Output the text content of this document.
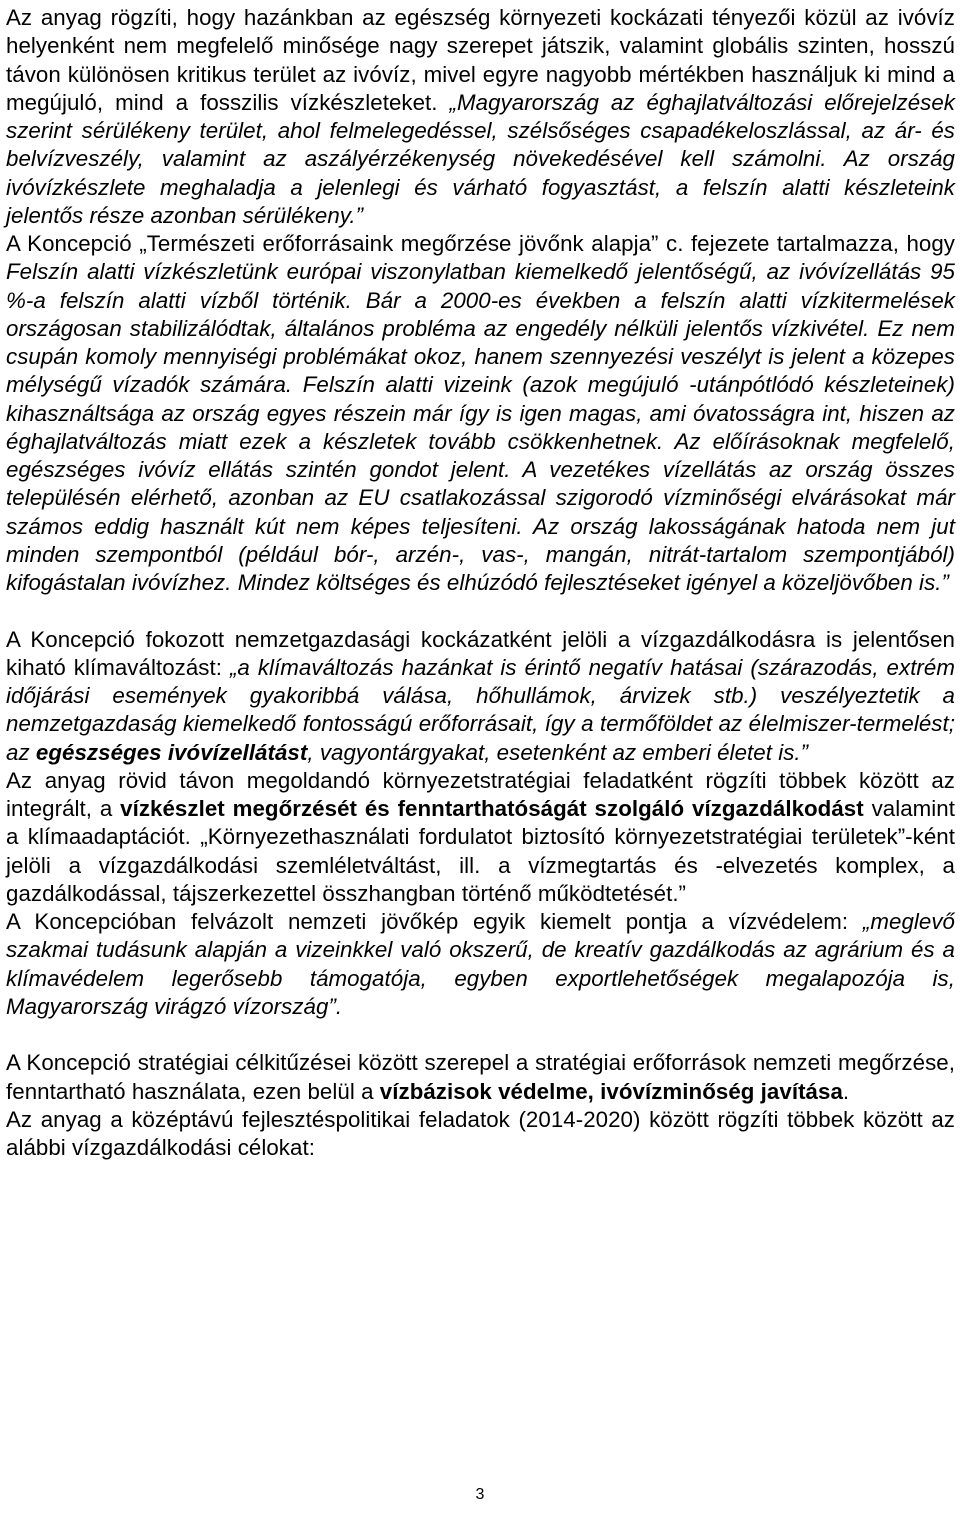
Az anyag rögzíti, hogy hazánkban az egészség környezeti kockázati tényezői közül az ivóvíz helyenként nem megfelelő minősége nagy szerepet játszik, valamint globális szinten, hosszú távon különösen kritikus terület az ivóvíz, mivel egyre nagyobb mértékben használjuk ki mind a megújuló, mind a fosszilis vízkészleteket. „Magyarország az éghajlatváltozási előrejelzések szerint sérülékeny terület, ahol felmelegedéssel, szélsőséges csapadékeloszlással, az ár- és belvízveszély, valamint az aszályérzékenység növekedésével kell számolni. Az ország ivóvízkészlete meghaladja a jelenlegi és várható fogyasztást, a felszín alatti készleteink jelentős része azonban sérülékeny.”

A Koncepció „Természeti erőforrásaink megőrzése jövőnk alapja” c. fejezete tartalmazza, hogy Felszín alatti vízkészletünk európai viszonylatban kiemelkedő jelentőségű, az ivóvízellátás 95 %-a felszín alatti vízből történik. Bár a 2000-es években a felszín alatti vízkitermelések országosan stabilizálódtak, általános probléma az engedély nélküli jelentős vízkivétel. Ez nem csupán komoly mennyiségi problémákat okoz, hanem szennyezési veszélyt is jelent a közepes mélységű vízadók számára. Felszín alatti vizeink (azok megújuló -utánpótlódó készleteinek) kihasználtsága az ország egyes részein már így is igen magas, ami óvatosságra int, hiszen az éghajlatváltozás miatt ezek a készletek tovább csökkenhetnek. Az előírásoknak megfelelő, egészséges ivóvíz ellátás szintén gondot jelent. A vezetékes vízellátás az ország összes településén elérhető, azonban az EU csatlakozással szigorodó vízminőségi elvárásokat már számos eddig használt kút nem képes teljesíteni. Az ország lakosságának hatoda nem jut minden szempontból (például bór-, arzén-, vas-, mangán, nitrát-tartalom szempontjából) kifogástalan ivóvízhez. Mindez költséges és elhúzódó fejlesztéseket igényel a közeljövőben is.”

A Koncepció fokozott nemzetgazdasági kockázatként jelöli a vízgazdálkodásra is jelentősen kiható klímaváltozást: „a klímaváltozás hazánkat is érintő negatív hatásai (szárazodás, extrém időjárási események gyakoribbá válása, hőhullámok, árvizek stb.) veszélyeztetik a nemzetgazdaság kiemelkedő fontosságú erőforrásait, így a termőföldet az élelmiszer-termelést; az egészséges ivóvízellátást, vagyontárgyakat, esetenként az emberi életet is.”

Az anyag rövid távon megoldandó környezetstratégiai feladatként rögzíti többek között az integrált, a vízkészlet megőrzését és fenntarthatóságát szolgáló vízgazdálkodást valamint a klímaadaptációt. „Környezethasználati fordulatot biztosító környezetstratégiai területek”-ként jelöli a vízgazdálkodási szemléletváltást, ill. a vízmegtartás és -elvezetés komplex, a gazdálkodással, tájszerkezettel összhangban történő működtetését.”

A Koncepcióban felvázolt nemzeti jövőkép egyik kiemelt pontja a vízvédelem: „meglevő szakmai tudásunk alapján a vizeinkkel való okszerű, de kreatív gazdálkodás az agrárium és a klímavédelem legerősebb támogatója, egyben exportlehetőségek megalapozója is, Magyarország virágzó vízország”.

A Koncepció stratégiai célkitűzései között szerepel a stratégiai erőforrások nemzeti megőrzése, fenntartható használata, ezen belül a vízbázisok védelme, ivóvízminőség javítása.

Az anyag a középtávú fejlesztéspolitikai feladatok (2014-2020) között rögzíti többek között az alábbi vízgazdálkodási célokat:

3
